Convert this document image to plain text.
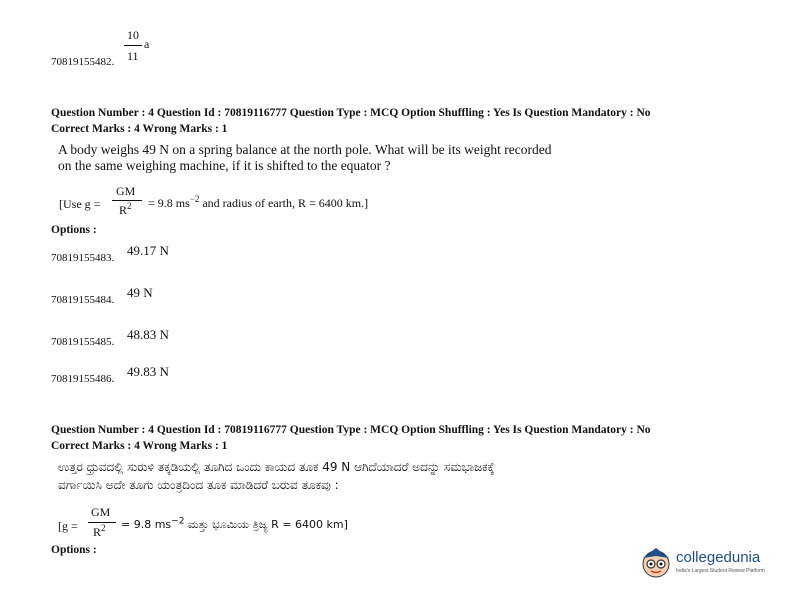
10
a
11
70819155482.
Question Number : 4 Question Id : 70819116777 Question Type : MCQ Option Shuffling : Yes Is Question Mandatory : No
Correct Marks : 4 Wrong Marks : 1
A body weighs 49 N on a spring balance at the north pole. What will be its weight recorded
on the same weighing machine, if it is shifted to the equator ?
[Use g =
GM
$R^2 = 9.8$ $ms^{-2}$ and radius of earth, R = 6400 km.]
Options :
49.17 N
70819155483.
49 N
70819155484.
48.83 N
70819155485.
49.83 N
70819155486.
Question Number : 4 Question Id : 70819116777 Question Type : MCQ Option Shuffling : Yes Is Question Mandatory : No
Correct Marks : 4 Wrong Marks : 1
ಉತ್ತರ ಧ್ರುವದಲ್ಲಿ ಸುರುಳಿ ತಕ್ಕಡಿಯಲ್ಲಿ ತೂಗಿದ ಒಂದು ಕಾಯದ ತೂಕ 49 N ಆಗಿದೆಯಾದರೆ ಅದನ್ನು ಸಮಭಾಜಕಕ್ಕೆ
ವರ್ಗಾಯಿಸಿ ಅದೇ ತೂಗು ಯಂತ್ರದಿಂದ ತೂಕ ಮಾಡಿದರೆ ಬರುವ ತೂಕವು :
[g =
GM
$R^2 = 9.8$ $ms^{-2}$ ಮತ್ತು ಭೂಮಿಯ ತ್ರಿಜ್ಯ R = 6400 km]
Options :	collegedunia
India's Largest Student Review Platform
